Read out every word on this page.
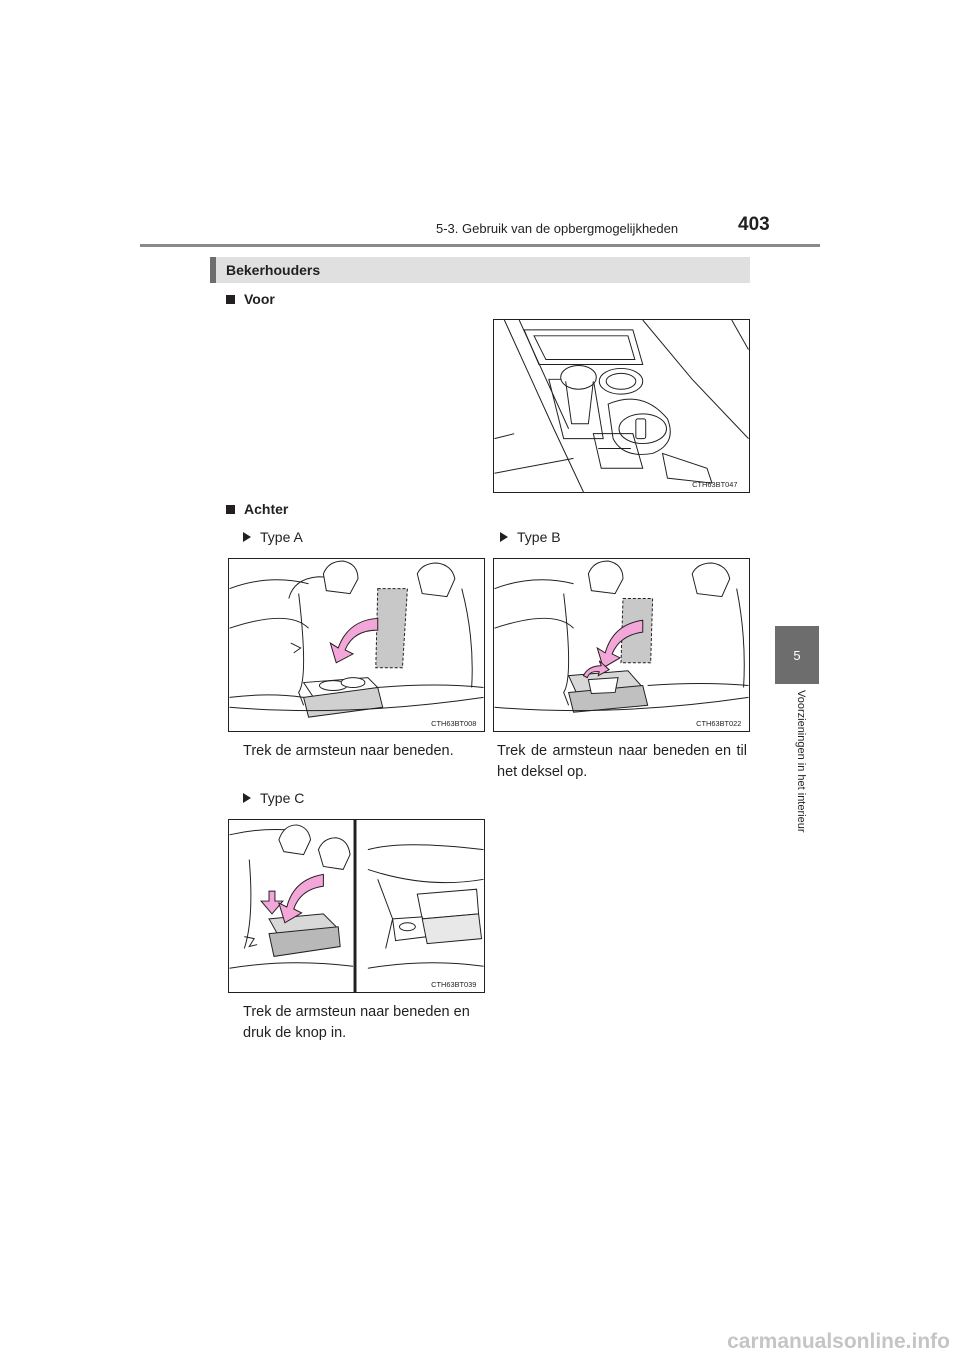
5-3. Gebruik van de opbergmogelijkheden	403
Bekerhouders
Voor
CTH63BT047
Achter
Type A	Type B
CTH63BT008	CTH63BT022
Trek de armsteun naar beneden.	Trek de armsteun naar beneden en til het deksel op.
Type C
CTH63BT039
Trek de armsteun naar beneden en druk de knop in.
5
Voorzieningen in het interieur
carmanualsonline.info
